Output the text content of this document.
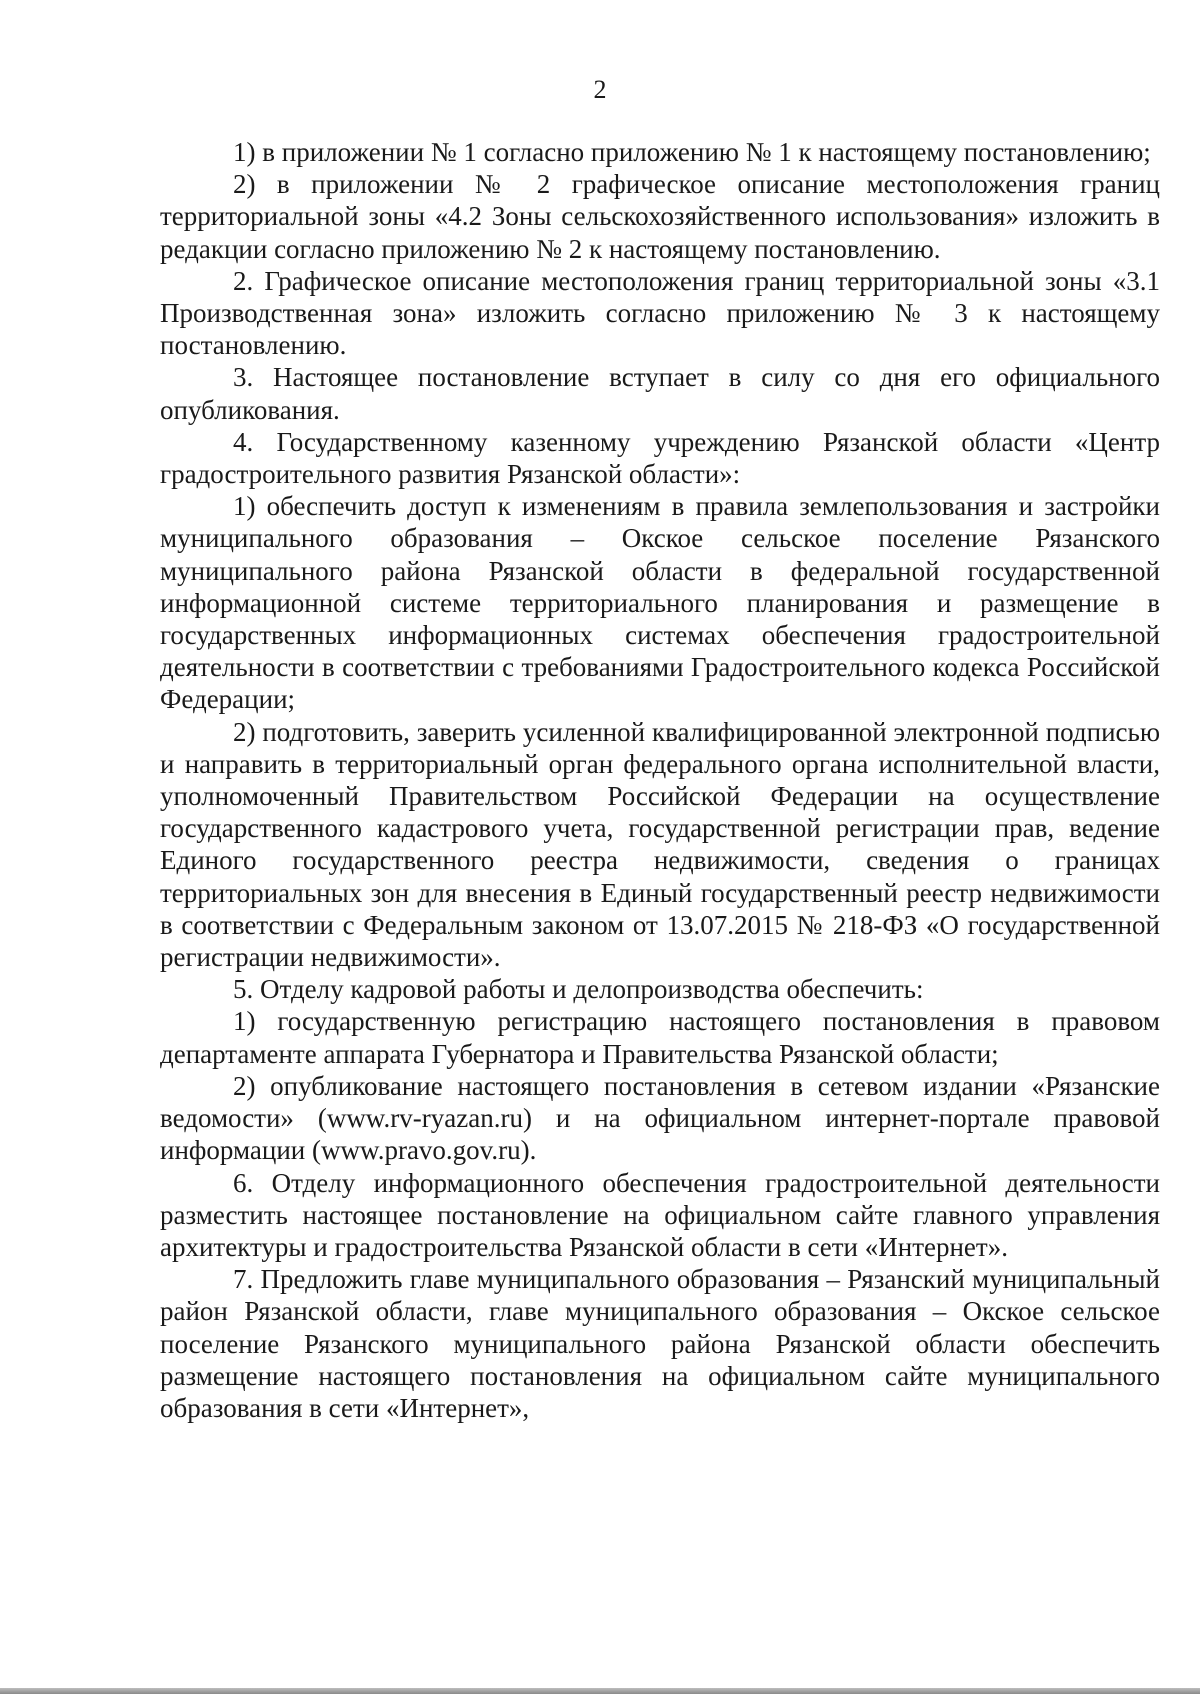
2

1) в приложении № 1 согласно приложению № 1 к настоящему постановлению;

2) в приложении № 2 графическое описание местоположения границ территориальной зоны «4.2 Зоны сельскохозяйственного использования» изложить в редакции согласно приложению № 2 к настоящему постановлению.

2. Графическое описание местоположения границ территориальной зоны «3.1 Производственная зона» изложить согласно приложению № 3 к настоящему постановлению.

3. Настоящее постановление вступает в силу со дня его официального опубликования.

4. Государственному казенному учреждению Рязанской области «Центр градостроительного развития Рязанской области»:

1) обеспечить доступ к изменениям в правила землепользования и застройки муниципального образования – Окское сельское поселение Рязанского муниципального района Рязанской области в федеральной государственной информационной системе территориального планирования и размещение в государственных информационных системах обеспечения градостроительной деятельности в соответствии с требованиями Градостроительного кодекса Российской Федерации;

2) подготовить, заверить усиленной квалифицированной электронной подписью и направить в территориальный орган федерального органа исполнительной власти, уполномоченный Правительством Российской Федерации на осуществление государственного кадастрового учета, государственной регистрации прав, ведение Единого государственного реестра недвижимости, сведения о границах территориальных зон для внесения в Единый государственный реестр недвижимости в соответствии с Федеральным законом от 13.07.2015 № 218-ФЗ «О государственной регистрации недвижимости».

5. Отделу кадровой работы и делопроизводства обеспечить:

1) государственную регистрацию настоящего постановления в правовом департаменте аппарата Губернатора и Правительства Рязанской области;

2) опубликование настоящего постановления в сетевом издании «Рязанские ведомости» (www.rv-ryazan.ru) и на официальном интернет-портале правовой информации (www.pravo.gov.ru).

6. Отделу информационного обеспечения градостроительной деятельности разместить настоящее постановление на официальном сайте главного управления архитектуры и градостроительства Рязанской области в сети «Интернет».

7. Предложить главе муниципального образования – Рязанский муниципальный район Рязанской области, главе муниципального образования – Окское сельское поселение Рязанского муниципального района Рязанской области обеспечить размещение настоящего постановления на официальном сайте муниципального образования в сети «Интернет»,
